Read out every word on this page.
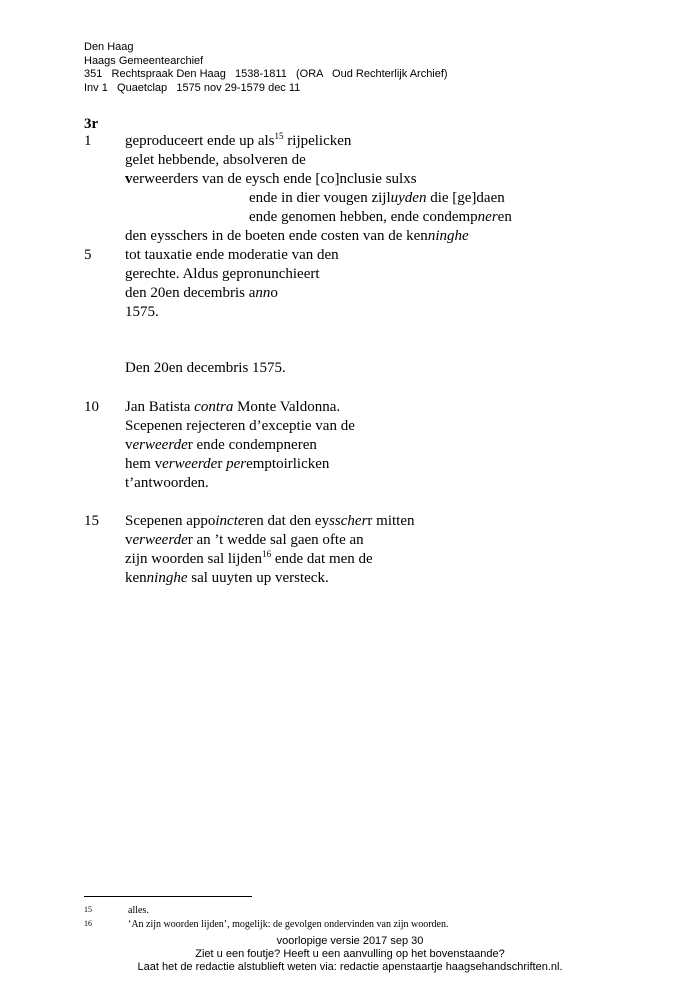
Den Haag
Haags Gemeentearchief
351   Rechtspraak Den Haag   1538-1811   (ORA   Oud Rechterlijk Archief)
Inv 1   Quaetclap   1575 nov 29-1579 dec 11
3r
1
5
10
15
geproduceert ende up als$^{15}$ rijpelicken
gelet hebbende, absolveren de
verweerders van de eysch ende [co]nclusie sulxs
ende in dier vougen zijluyden die [ge]daen
ende genomen hebben, ende condempneren
den eysschers in de boeten ende costen van de kenninghe
tot tauxatie ende moderatie van den
gerechte. Aldus gepronunchieert
den 20en decembris anno
1575.
Den 20en decembris 1575.
Jan Batista contra Monte Valdonna.
Scepenen rejecteren d’exceptie van de
verweerder ende condempneren
hem verweerder peremptoirlicken
t’antwoorden.
Scepenen appoincteren dat den eysscherr mitten
verweerder an ’t wedde sal gaen ofte an
zijn woorden sal lijden$^{16}$ ende dat men de
kenninghe sal uuyten up versteck.
15	alles.
16	‘An zijn woorden lijden’, mogelijk: de gevolgen ondervinden van zijn woorden.
voorlopige versie 2017 sep 30
Ziet u een foutje? Heeft u een aanvulling op het bovenstaande?
Laat het de redactie alstublieft weten via: redactie apenstaartje haagsehandschriften.nl.
